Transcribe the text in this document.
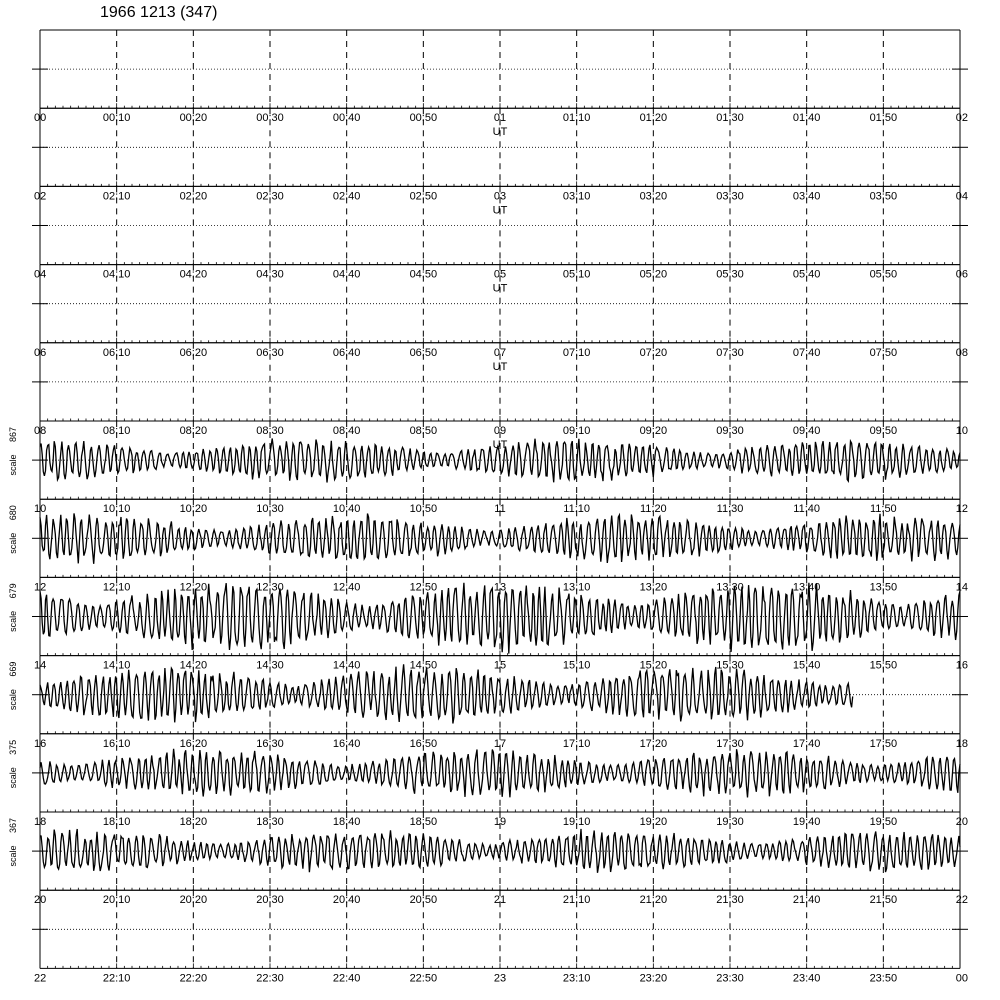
1966 1213 (347)
00	00:10	00:20	00:30	00:40	00:50	01	01:10	01:20	01:30	01:40	01:50	02
UT
02	02:10	02:20	02:30	02:40	02:50	03	03:10	03:20	03:30	03:40	03:50	04
UT
04	04:10	04:20	04:30	04:40	04:50	05	05:10	05:20	05:30	05:40	05:50	06
UT
06	06:10	06:20	06:30	06:40	06:50	07	07:10	07:20	07:30	07:40	07:50	08
UT
08	08:10	08:20	08:30	08:40	08:50	09	09:10	09:20	09:30	09:40	09:50	10
UT
10	10:10	10:20	10:30	10:40	10:50	11	11:10	11:20	11:30	11:40	11:50	12
867
scale
12	12:10	12:20	12:30	12:40	12:50	13	13:10	13:20	13:30	13:40	13:50	14
680
scale
14	14:10	14:20	14:30	14:40	14:50	15	15:10	15:20	15:30	15:40	15:50	16
679
scale
16	16:10	16:20	16:30	16:40	16:50	17	17:10	17:20	17:30	17:40	17:50	18
669
scale
18	18:10	18:20	18:30	18:40	18:50	19	19:10	19:20	19:30	19:40	19:50	20
375
scale
20	20:10	20:20	20:30	20:40	20:50	21	21:10	21:20	21:30	21:40	21:50	22
367
scale
22	22:10	22:20	22:30	22:40	22:50	23	23:10	23:20	23:30	23:40	23:50	00
